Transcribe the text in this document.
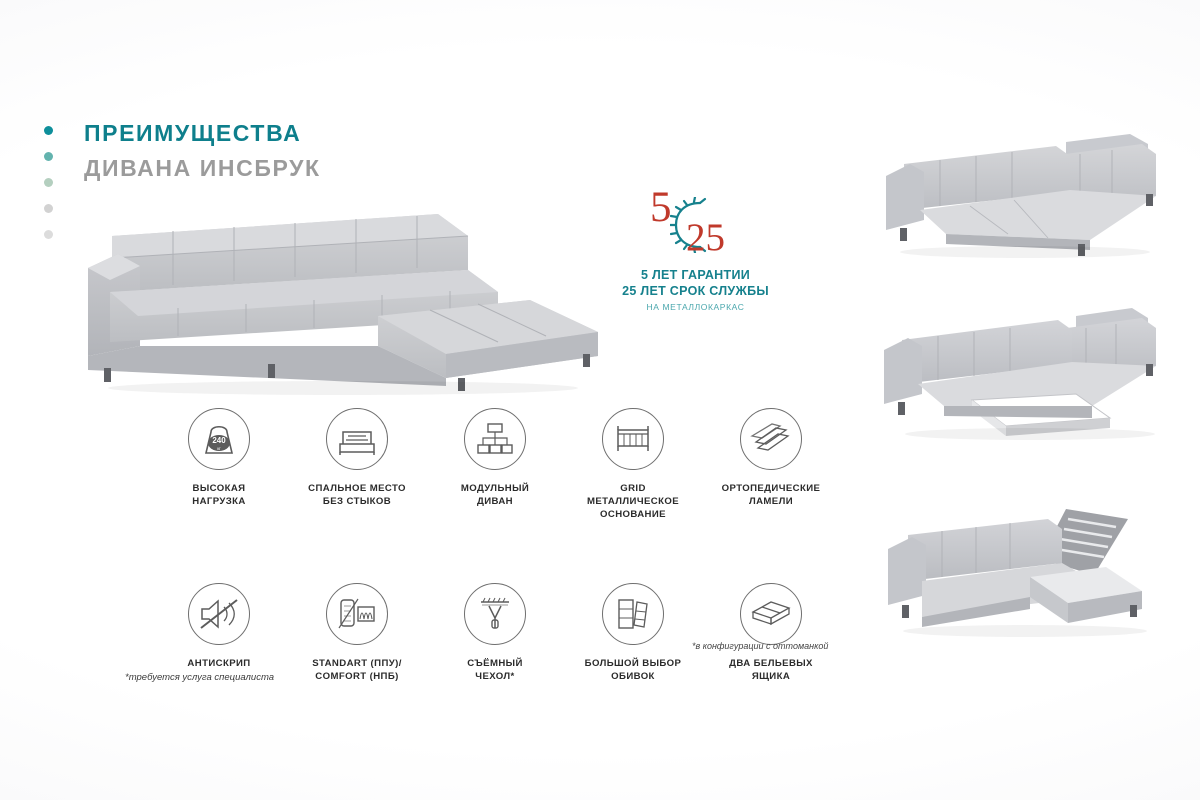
ПРЕИМУЩЕСТВА
ДИВАНА ИНСБРУК
5
25
5 ЛЕТ ГАРАНТИИ
25 ЛЕТ СРОК СЛУЖБЫ
НА МЕТАЛЛОКАРКАС
240
кг
ВЫСОКАЯ
НАГРУЗКА
СПАЛЬНОЕ МЕСТО
БЕЗ СТЫКОВ
МОДУЛЬНЫЙ
ДИВАН
GRID
МЕТАЛЛИЧЕСКОЕ
ОСНОВАНИЕ
ОРТОПЕДИЧЕСКИЕ
ЛАМЕЛИ
АНТИСКРИП	STANDART (ППУ)/
COMFORT (НПБ)
СЪЁМНЫЙ
ЧЕХОЛ*
БОЛЬШОЙ ВЫБОР
ОБИВОК
ДВА БЕЛЬЕВЫХ
ЯЩИКА
*в конфигурации с оттоманкой
*требуется услуга специалиста
